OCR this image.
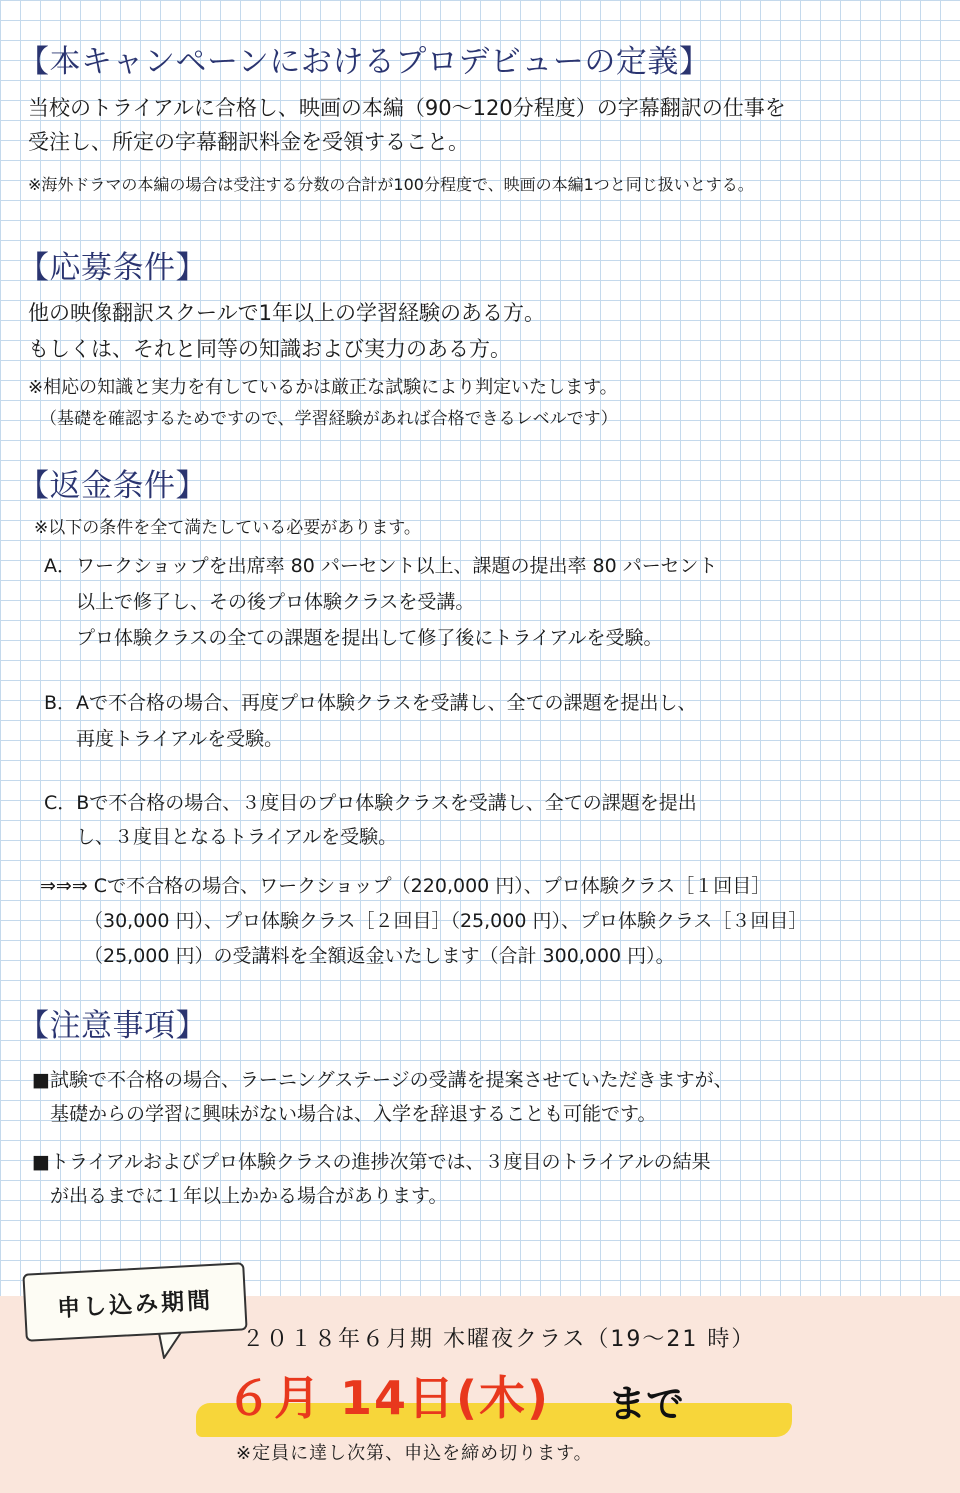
【本キャンペーンにおけるプロデビューの定義】
当校のトライアルに合格し、映画の本編（90～120分程度）の字幕翻訳の仕事を
受注し、所定の字幕翻訳料金を受領すること。
※海外ドラマの本編の場合は受注する分数の合計が100分程度で、映画の本編1つと同じ扱いとする。
【応募条件】
他の映像翻訳スクールで1年以上の学習経験のある方。
もしくは、それと同等の知識および実力のある方。
※相応の知識と実力を有しているかは厳正な試験により判定いたします。
（基礎を確認するためですので、学習経験があれば合格できるレベルです）
【返金条件】
※以下の条件を全て満たしている必要があります。
A．ワークショップを出席率 80 パーセント以上、課題の提出率 80 パーセント
以上で修了し、その後プロ体験クラスを受講。
プロ体験クラスの全ての課題を提出して修了後にトライアルを受験。
B．Aで不合格の場合、再度プロ体験クラスを受講し、全ての課題を提出し、
再度トライアルを受験。
C．Bで不合格の場合、３度目のプロ体験クラスを受講し、全ての課題を提出
し、３度目となるトライアルを受験。
⇒⇒⇒ Cで不合格の場合、ワークショップ（220,000 円）、プロ体験クラス［１回目］
（30,000 円）、プロ体験クラス［２回目］（25,000 円）、プロ体験クラス［３回目］
（25,000 円）の受講料を全額返金いたします（合計 300,000 円）。
【注意事項】
■試験で不合格の場合、ラーニングステージの受講を提案させていただきますが、
基礎からの学習に興味がない場合は、入学を辞退することも可能です。
■トライアルおよびプロ体験クラスの進捗次第では、３度目のトライアルの結果
が出るまでに１年以上かかる場合があります。
申し込み期間
２０１８年６月期 木曜夜クラス（19～21 時）
６月 14日(木) まで
※定員に達し次第、申込を締め切ります。
